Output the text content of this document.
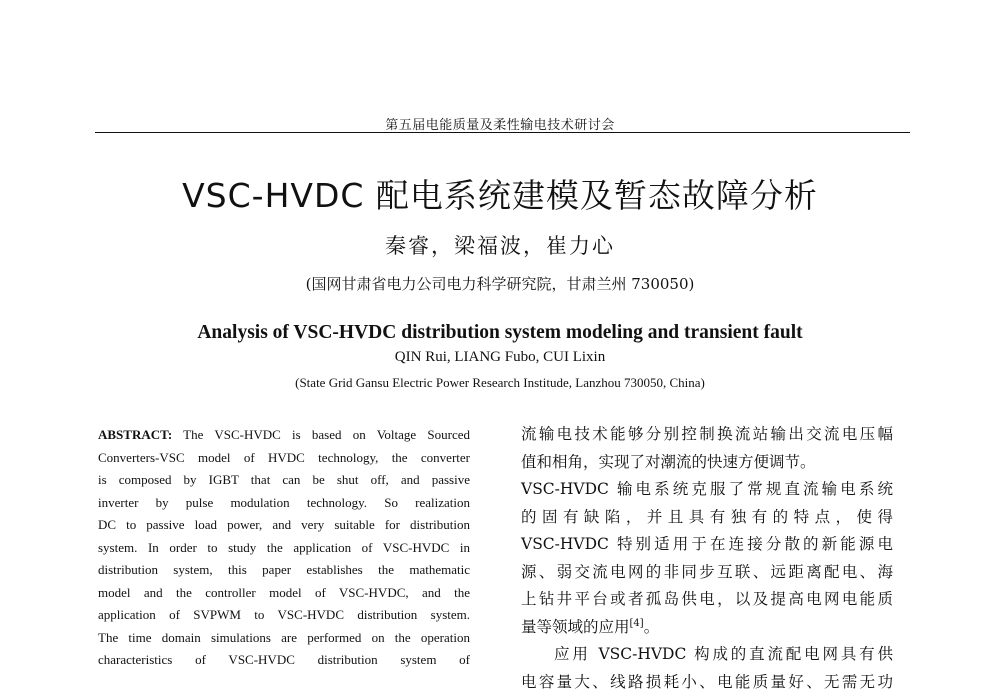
第五届电能质量及柔性输电技术研讨会
VSC-HVDC 配电系统建模及暂态故障分析
秦睿，梁福波，崔力心
(国网甘肃省电力公司电力科学研究院，甘肃兰州 730050)
Analysis of VSC-HVDC distribution system modeling and transient fault
QIN Rui, LIANG Fubo, CUI Lixin
(State Grid Gansu Electric Power Research Institude, Lanzhou 730050, China)
ABSTRACT: The VSC-HVDC is based on Voltage Sourced
Converters-VSC model of HVDC technology, the converter
is composed by IGBT that can be shut off, and passive
inverter by pulse modulation technology. So realization
DC to passive load power, and very suitable for distribution
system. In order to study the application of VSC-HVDC in
distribution system, this paper establishes the mathematic
model and the controller model of VSC-HVDC, and the
application of SVPWM to VSC-HVDC distribution system.
The time domain simulations are performed on the operation
characteristics of VSC-HVDC distribution system of
流输电技术能够分别控制换流站输出交流电压幅
值和相角，实现了对潮流的快速方便调节。
VSC-HVDC 输电系统克服了常规直流输电系统
的固有缺陷，并且具有独有的特点，使得
VSC-HVDC 特别适用于在连接分散的新能源电
源、弱交流电网的非同步互联、远距离配电、海
上钻井平台或者孤岛供电，以及提高电网电能质
量等领域的应用[4]。
应用 VSC-HVDC 构成的直流配电网具有供
电容量大、线路损耗小、电能质量好、无需无功
